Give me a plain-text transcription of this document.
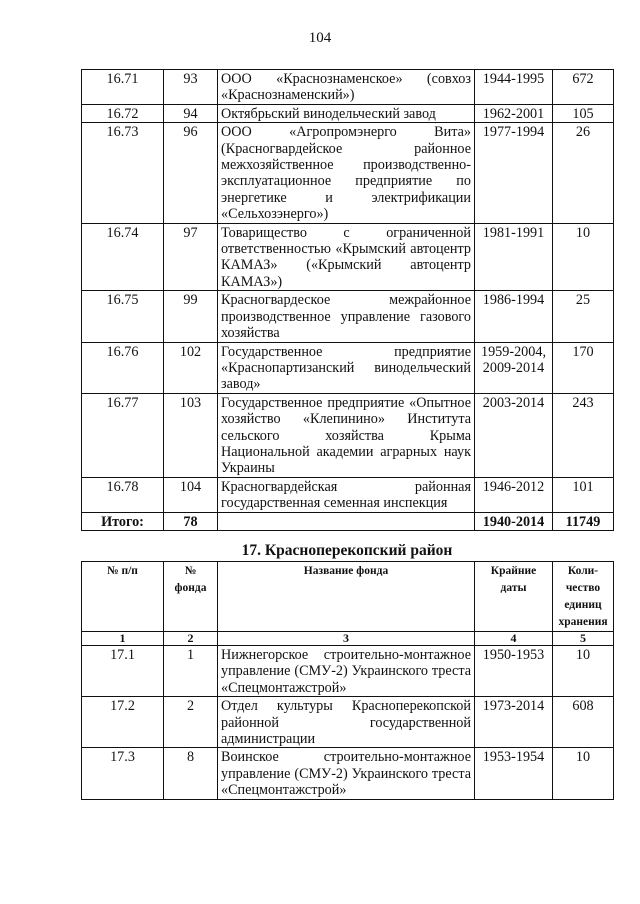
104
16.71	93	ООО «Краснознаменское» (совхоз «Краснознаменский»)	1944-1995	672
16.72	94	Октябрьский винодельческий завод	1962-2001	105
16.73	96	ООО «Агропромэнерго Вита» (Красногвардейское районное межхозяйственное производственно-эксплуатационное предприятие по энергетике и электрификации «Сельхозэнерго»)	1977-1994	26
16.74	97	Товарищество с ограниченной ответственностью «Крымский автоцентр КАМАЗ» («Крымский автоцентр КАМАЗ»)	1981-1991	10
16.75	99	Красногвардеское межрайонное производственное управление газового хозяйства	1986-1994	25
16.76	102	Государственное предприятие «Краснопартизанский винодельческий завод»	1959-2004, 2009-2014	170
16.77	103	Государственное предприятие «Опытное хозяйство «Клепинино» Института сельского хозяйства Крыма Национальной академии аграрных наук Украины	2003-2014	243
16.78	104	Красногвардейская районная государственная семенная инспекция	1946-2012	101
Итого:	78		1940-2014	11749
17. Красноперекопский район
№ п/п	№ фонда	Название фонда	Крайние даты	Коли-чество единиц хранения
1	2	3	4	5
17.1	1	Нижнегорское строительно-монтажное управление (СМУ-2) Украинского треста «Спецмонтажстрой»	1950-1953	10
17.2	2	Отдел культуры Красноперекопской районной государственной администрации	1973-2014	608
17.3	8	Воинское строительно-монтажное управление (СМУ-2) Украинского треста «Спецмонтажстрой»	1953-1954	10
